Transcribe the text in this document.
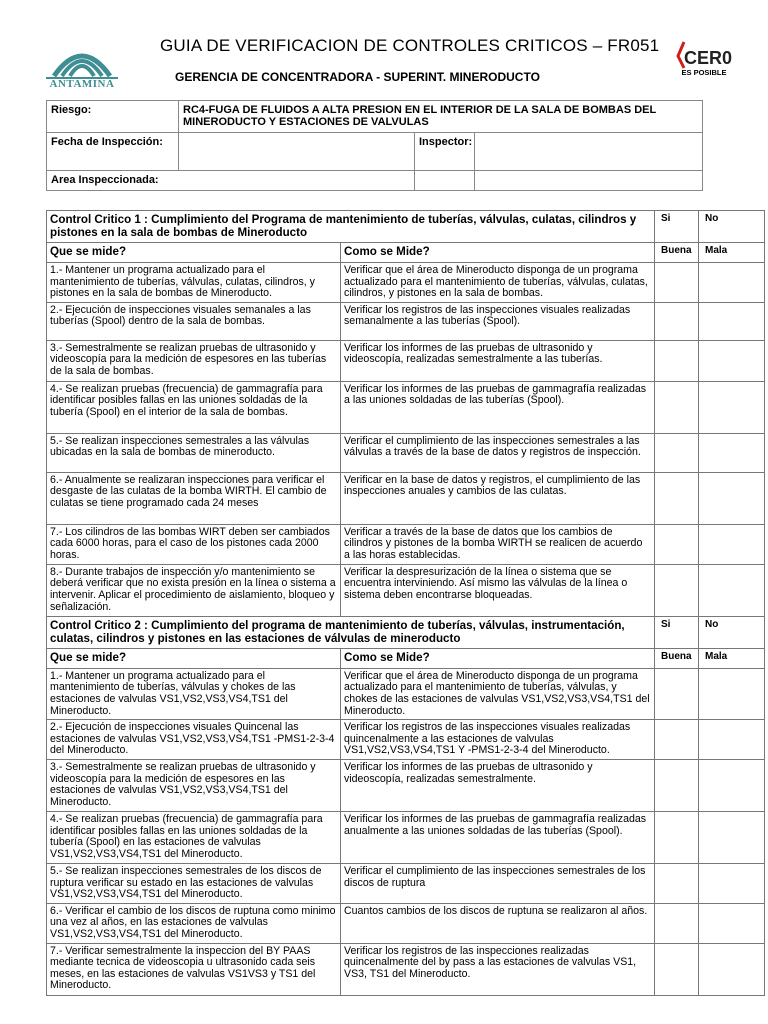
ANTAMINA
GUIA DE VERIFICACION DE CONTROLES CRITICOS – FR051
GERENCIA DE CONCENTRADORA - SUPERINT. MINERODUCTO
CER0
ES POSIBLE
Riesgo:	RC4-FUGA DE FLUIDOS A ALTA PRESION EN EL INTERIOR DE LA SALA DE BOMBAS DEL MINERODUCTO Y ESTACIONES DE VALVULAS		
Fecha de Inspección:		Inspector:	
Area Inspeccionada:			
Control Critico 1 : Cumplimiento del Programa de mantenimiento de tuberías, válvulas, culatas, cilindros y pistones en la sala de bombas de Mineroducto		Si	No
Que se mide?	Como se Mide?	Buena	Mala
1.- Mantener un programa actualizado para el mantenimiento de tuberías, válvulas, culatas, cilindros, y pistones en la sala de bombas de Mineroducto.	Verificar que el área de Mineroducto disponga de un programa actualizado para el mantenimiento de tuberías, válvulas, culatas, cilindros, y pistones en la sala de bombas.		
2.- Ejecución de inspecciones visuales semanales a las tuberías (Spool) dentro de la sala de bombas.	Verificar los registros de las inspecciones visuales realizadas semanalmente a las tuberías (Spool).		
3.- Semestralmente se realizan pruebas de ultrasonido y videoscopía para la medición de espesores en las tuberías de la sala de bombas.	Verificar los informes de las pruebas de ultrasonido y videoscopía, realizadas semestralmente a las tuberías.		
4.- Se realizan pruebas (frecuencia) de gammagrafía para identificar posibles fallas en las uniones soldadas de la tubería (Spool) en el interior de la sala de bombas.	Verificar los informes de las pruebas de gammagrafía realizadas a las uniones soldadas de las tuberías (Spool).		
5.- Se realizan inspecciones semestrales a las válvulas ubicadas en la sala de bombas de mineroducto.	Verificar el cumplimiento de las inspecciones semestrales a las válvulas a través de la base de datos y registros de inspección.		
6.- Anualmente se realizaran inspecciones para verificar el desgaste de las culatas de la bomba WIRTH. El cambio de culatas se tiene programado cada 24 meses	Verificar en la base de datos y registros, el cumplimiento de las inspecciones anuales y cambios de las culatas.		
7.- Los cilindros de las bombas WIRT deben ser cambiados cada 6000 horas, para el caso de los pistones cada 2000 horas.	Verificar a través de la base de datos que los cambios de cilindros y pistones de la bomba WIRTH se realicen de acuerdo a las horas establecidas.		
8.- Durante trabajos de inspección y/o mantenimiento se deberá verificar que no exista presión en la línea o sistema a intervenir. Aplicar el procedimiento de aislamiento, bloqueo y señalización.	Verificar la despresurización de la línea o sistema que se encuentra interviniendo. Así mismo las válvulas de la línea o sistema deben encontrarse bloqueadas.		
Control Critico 2 : Cumplimiento del programa de mantenimiento de tuberías, válvulas, instrumentación, culatas, cilindros y pistones en las estaciones de válvulas de mineroducto		Si	No
Que se mide?	Como se Mide?	Buena	Mala
1.- Mantener un programa actualizado para el mantenimiento de tuberías, válvulas y chokes de las estaciones de valvulas VS1,VS2,VS3,VS4,TS1 del Mineroducto.	Verificar que el área de Mineroducto disponga de un programa actualizado para el mantenimiento de tuberías, válvulas, y chokes de las estaciones de valvulas VS1,VS2,VS3,VS4,TS1 del Mineroducto.		
2.- Ejecución de inspecciones visuales Quincenal las estaciones de valvulas VS1,VS2,VS3,VS4,TS1 -PMS1-2-3-4 del Mineroducto.	Verificar los registros de las inspecciones visuales realizadas quincenalmente a las estaciones de valvulas VS1,VS2,VS3,VS4,TS1 Y -PMS1-2-3-4 del Mineroducto.		
3.- Semestralmente se realizan pruebas de ultrasonido y videoscopía para la medición de espesores en las estaciones de valvulas VS1,VS2,VS3,VS4,TS1 del Mineroducto.	Verificar los informes de las pruebas de ultrasonido y videoscopía, realizadas semestralmente.		
4.- Se realizan pruebas (frecuencia) de gammagrafía para identificar posibles fallas en las uniones soldadas de la tubería (Spool) en las estaciones de valvulas VS1,VS2,VS3,VS4,TS1 del Mineroducto.	Verificar los informes de las pruebas de gammagrafía realizadas anualmente a las uniones soldadas de las tuberías (Spool).		
5.- Se realizan inspecciones semestrales de los discos de ruptura verificar su estado en las estaciones de valvulas VS1,VS2,VS3,VS4,TS1 del Mineroducto.	Verificar el cumplimiento de las inspecciones semestrales de los discos de ruptura		
6.- Verificar el cambio de los discos de ruptuna como minimo una vez al años, en las estaciones de valvulas VS1,VS2,VS3,VS4,TS1 del Mineroducto.	Cuantos cambios de los discos de ruptuna se realizaron al años.		
7.- Verificar semestralmente la inspeccion del BY PAAS mediante tecnica de videoscopia u ultrasonido cada seis meses, en las estaciones de valvulas VS1VS3 y TS1 del Mineroducto.	Verificar los registros de las inspecciones realizadas quincenalmente del by pass a las estaciones de valvulas VS1, VS3, TS1 del Mineroducto.		
